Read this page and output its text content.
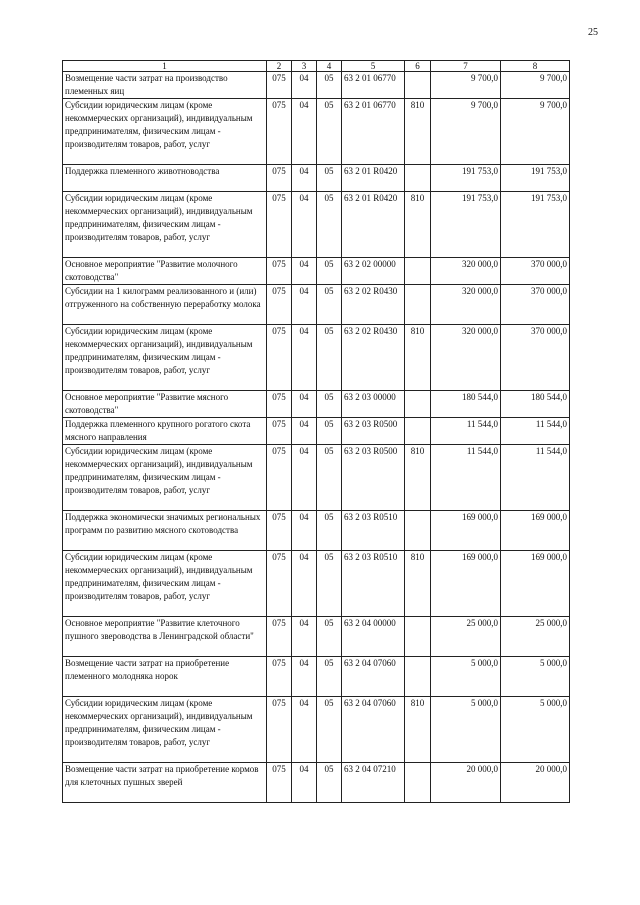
25
1	2	3	4	5	6	7	8
Возмещение части затрат на производство племенных яиц	075	04	05	63 2 01 06770		9 700,0	9 700,0
Субсидии юридическим лицам (кроме некоммерческих организаций), индивидуальным предпринимателям, физическим лицам - производителям товаров, работ, услуг	075	04	05	63 2 01 06770	810	9 700,0	9 700,0
Поддержка племенного животноводства	075	04	05	63 2 01 R0420		191 753,0	191 753,0
Субсидии юридическим лицам (кроме некоммерческих организаций), индивидуальным предпринимателям, физическим лицам - производителям товаров, работ, услуг	075	04	05	63 2 01 R0420	810	191 753,0	191 753,0
Основное мероприятие "Развитие молочного скотоводства"	075	04	05	63 2 02 00000		320 000,0	370 000,0
Субсидии на 1 килограмм реализованного и (или) отгруженного на собственную переработку молока	075	04	05	63 2 02 R0430		320 000,0	370 000,0
Субсидии юридическим лицам (кроме некоммерческих организаций), индивидуальным предпринимателям, физическим лицам - производителям товаров, работ, услуг	075	04	05	63 2 02 R0430	810	320 000,0	370 000,0
Основное мероприятие "Развитие мясного скотоводства"	075	04	05	63 2 03 00000		180 544,0	180 544,0
Поддержка племенного крупного рогатого скота мясного направления	075	04	05	63 2 03 R0500		11 544,0	11 544,0
Субсидии юридическим лицам (кроме некоммерческих организаций), индивидуальным предпринимателям, физическим лицам - производителям товаров, работ, услуг	075	04	05	63 2 03 R0500	810	11 544,0	11 544,0
Поддержка экономически значимых региональных программ по развитию мясного скотоводства	075	04	05	63 2 03 R0510		169 000,0	169 000,0
Субсидии юридическим лицам (кроме некоммерческих организаций), индивидуальным предпринимателям, физическим лицам - производителям товаров, работ, услуг	075	04	05	63 2 03 R0510	810	169 000,0	169 000,0
Основное мероприятие "Развитие клеточного пушного звероводства в Ленинградской области"	075	04	05	63 2 04 00000		25 000,0	25 000,0
Возмещение части затрат на приобретение племенного молодняка норок	075	04	05	63 2 04 07060		5 000,0	5 000,0
Субсидии юридическим лицам (кроме некоммерческих организаций), индивидуальным предпринимателям, физическим лицам - производителям товаров, работ, услуг	075	04	05	63 2 04 07060	810	5 000,0	5 000,0
Возмещение части затрат на приобретение кормов для клеточных пушных зверей	075	04	05	63 2 04 07210		20 000,0	20 000,0
